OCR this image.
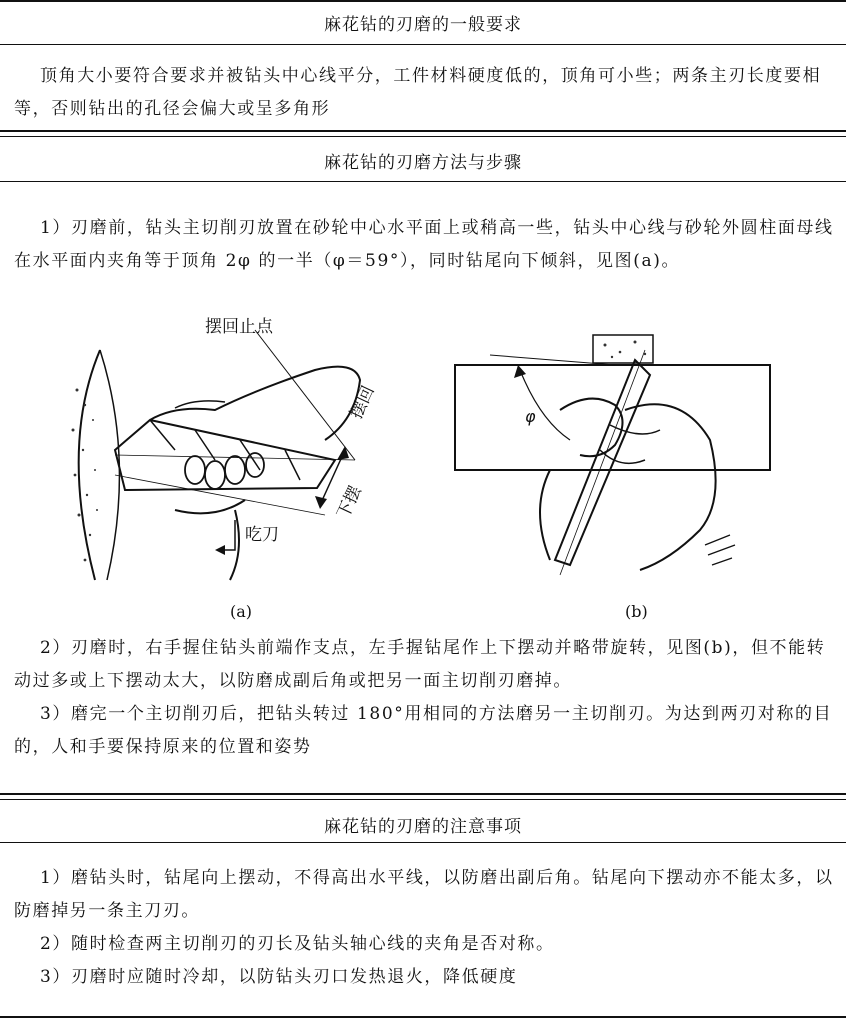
麻花钻的刃磨的一般要求

顶角大小要符合要求并被钻头中心线平分，工件材料硬度低的，顶角可小些；两条主刃长度要相等，否则钻出的孔径会偏大或呈多角形

麻花钻的刃磨方法与步骤

1）刃磨前，钻头主切削刃放置在砂轮中心水平面上或稍高一些，钻头中心线与砂轮外圆柱面母线在水平面内夹角等于顶角 2φ 的一半（φ＝59°），同时钻尾向下倾斜，见图(a)。

摆回止点
摆回
下摆
吃刀
(a)
φ
(b)

2）刃磨时，右手握住钻头前端作支点，左手握钻尾作上下摆动并略带旋转，见图(b)，但不能转动过多或上下摆动太大，以防磨成副后角或把另一面主切削刃磨掉。

3）磨完一个主切削刃后，把钻头转过 180°用相同的方法磨另一主切削刃。为达到两刃对称的目的，人和手要保持原来的位置和姿势

麻花钻的刃磨的注意事项

1）磨钻头时，钻尾向上摆动，不得高出水平线，以防磨出副后角。钻尾向下摆动亦不能太多，以防磨掉另一条主刀刃。

2）随时检查两主切削刃的刃长及钻头轴心线的夹角是否对称。

3）刃磨时应随时冷却，以防钻头刃口发热退火，降低硬度
